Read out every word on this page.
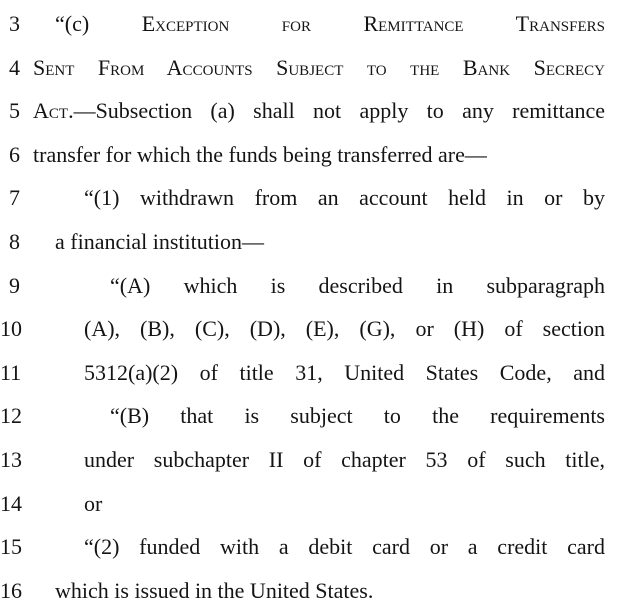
3 “(c) Exception for Remittance Transfers
4 Sent From Accounts Subject to the Bank Secrecy
5 Act.—Subsection (a) shall not apply to any remittance
6 transfer for which the funds being transferred are—
7	“(1) withdrawn from an account held in or by
8 a financial institution—
9	“(A) which is described in subparagraph
10	(A), (B), (C), (D), (E), (G), or (H) of section
11	5312(a)(2) of title 31, United States Code, and
12	“(B) that is subject to the requirements
13	under subchapter II of chapter 53 of such title,
14	or
15	“(2) funded with a debit card or a credit card
16 which is issued in the United States.
